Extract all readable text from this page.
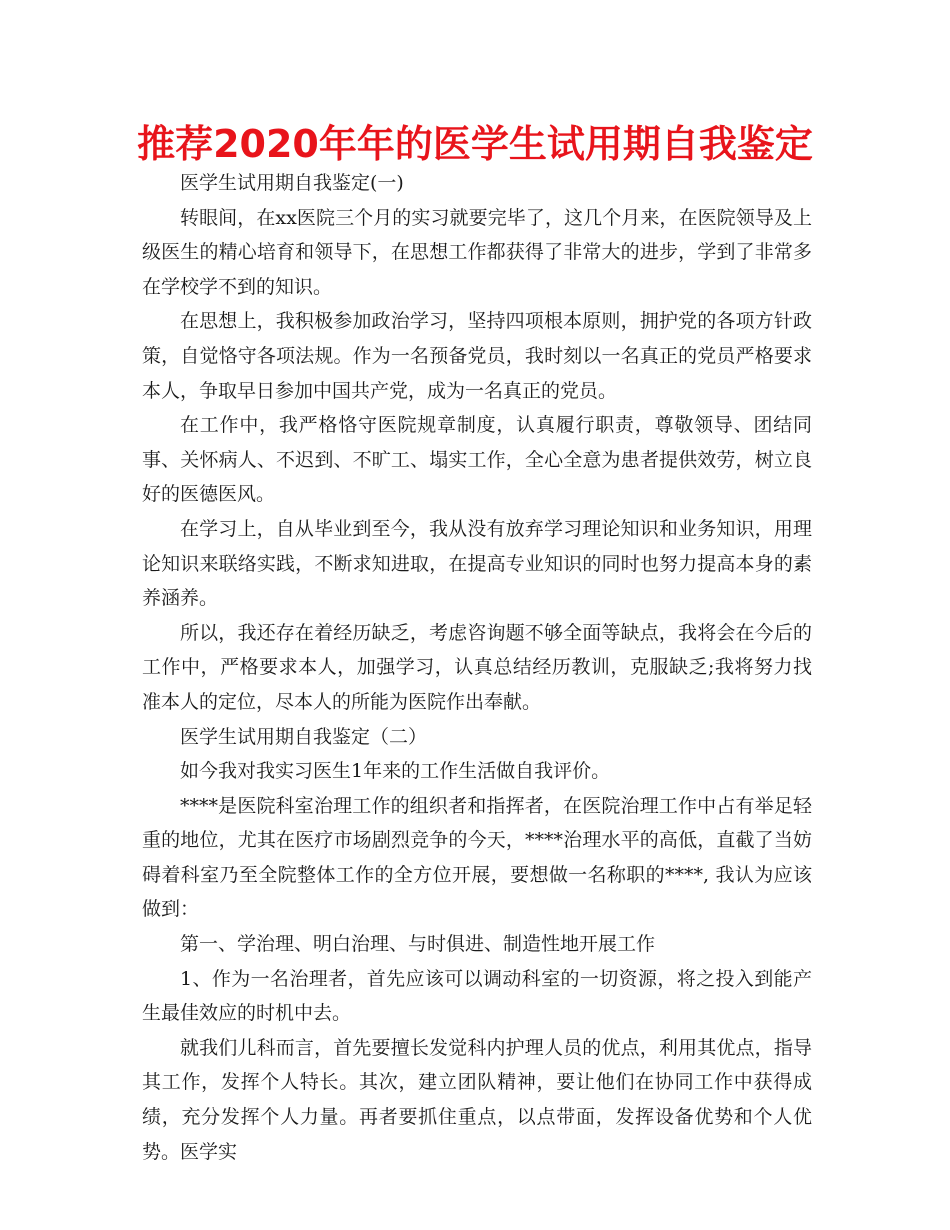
推荐2020年年的医学生试用期自我鉴定

医学生试用期自我鉴定(一)

转眼间，在xx医院三个月的实习就要完毕了，这几个月来，在医院领导及上级医生的精心培育和领导下，在思想工作都获得了非常大的进步，学到了非常多在学校学不到的知识。

在思想上，我积极参加政治学习，坚持四项根本原则，拥护党的各项方针政策，自觉恪守各项法规。作为一名预备党员，我时刻以一名真正的党员严格要求本人，争取早日参加中国共产党，成为一名真正的党员。

在工作中，我严格恪守医院规章制度，认真履行职责，尊敬领导、团结同事、关怀病人、不迟到、不旷工、塌实工作，全心全意为患者提供效劳，树立良好的医德医风。

在学习上，自从毕业到至今，我从没有放弃学习理论知识和业务知识，用理论知识来联络实践，不断求知进取，在提高专业知识的同时也努力提高本身的素养涵养。

所以，我还存在着经历缺乏，考虑咨询题不够全面等缺点，我将会在今后的工作中，严格要求本人，加强学习，认真总结经历教训，克服缺乏;我将努力找准本人的定位，尽本人的所能为医院作出奉献。

医学生试用期自我鉴定（二）

如今我对我实习医生1年来的工作生活做自我评价。

****是医院科室治理工作的组织者和指挥者，在医院治理工作中占有举足轻重的地位，尤其在医疗市场剧烈竞争的今天，****治理水平的高低，直截了当妨碍着科室乃至全院整体工作的全方位开展，要想做一名称职的****, 我认为应该做到：

第一、学治理、明白治理、与时俱进、制造性地开展工作

1、作为一名治理者，首先应该可以调动科室的一切资源，将之投入到能产生最佳效应的时机中去。

就我们儿科而言，首先要擅长发觉科内护理人员的优点，利用其优点，指导其工作，发挥个人特长。其次，建立团队精神，要让他们在协同工作中获得成绩，充分发挥个人力量。再者要抓住重点，以点带面，发挥设备优势和个人优势。医学实
